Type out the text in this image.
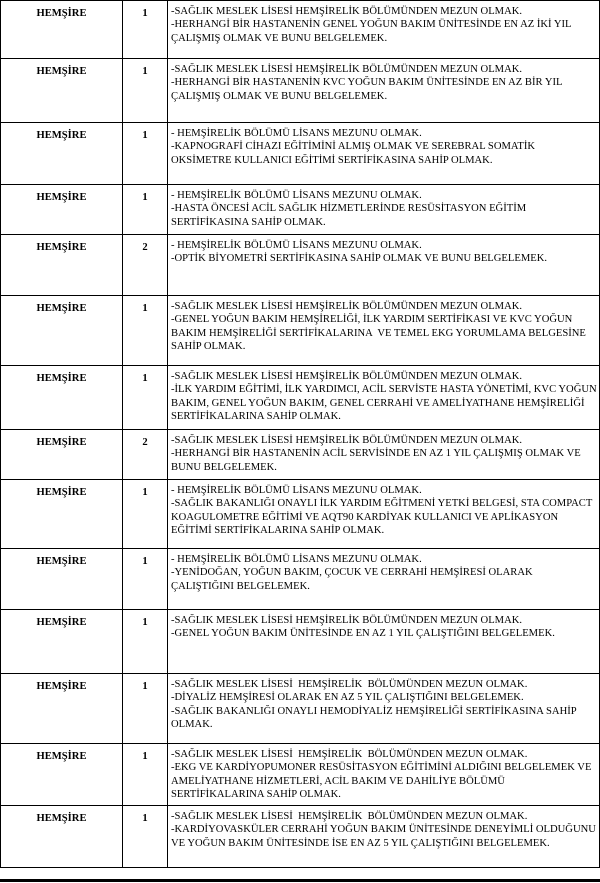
HEMŞİRE	1	-SAĞLIK MESLEK LİSESİ HEMŞİRELİK BÖLÜMÜNDEN MEZUN OLMAK.
-HERHANGİ BİR HASTANENİN GENEL YOĞUN BAKIM ÜNİTESİNDE EN AZ İKİ YIL ÇALIŞMIŞ OLMAK VE BUNU BELGELEMEK.

HEMŞİRE	1	-SAĞLIK MESLEK LİSESİ HEMŞİRELİK BÖLÜMÜNDEN MEZUN OLMAK.
-HERHANGİ BİR HASTANENİN KVC YOĞUN BAKIM ÜNİTESİNDE EN AZ BİR YIL ÇALIŞMIŞ OLMAK VE BUNU BELGELEMEK.

HEMŞİRE	1	- HEMŞİRELİK BÖLÜMÜ LİSANS MEZUNU OLMAK.
-KAPNOGRAFİ CİHAZI EĞİTİMİNİ ALMIŞ OLMAK VE SEREBRAL SOMATİK OKSİMETRE KULLANICI EĞİTİMİ SERTİFİKASINA SAHİP OLMAK.

HEMŞİRE	1	- HEMŞİRELİK BÖLÜMÜ LİSANS MEZUNU OLMAK.
-HASTA ÖNCESİ ACİL SAĞLIK HİZMETLERİNDE RESÜSİTASYON EĞİTİM SERTİFİKASINA SAHİP OLMAK.

HEMŞİRE	2	- HEMŞİRELİK BÖLÜMÜ LİSANS MEZUNU OLMAK.
-OPTİK BİYOMETRİ SERTİFİKASINA SAHİP OLMAK VE BUNU BELGELEMEK.

HEMŞİRE	1	-SAĞLIK MESLEK LİSESİ HEMŞİRELİK BÖLÜMÜNDEN MEZUN OLMAK.
-GENEL YOĞUN BAKIM HEMŞİRELİĞİ, İLK YARDIM SERTİFİKASI VE KVC YOĞUN BAKIM HEMŞİRELİĞİ SERTİFİKALARINA  VE TEMEL EKG YORUMLAMA BELGESİNE SAHİP OLMAK.

HEMŞİRE	1	-SAĞLIK MESLEK LİSESİ HEMŞİRELİK BÖLÜMÜNDEN MEZUN OLMAK.
-İLK YARDIM EĞİTİMİ, İLK YARDIMCI, ACİL SERVİSTE HASTA YÖNETİMİ, KVC YOĞUN BAKIM, GENEL YOĞUN BAKIM, GENEL CERRAHİ VE AMELİYATHANE HEMŞİRELİĞİ SERTİFİKALARINA SAHİP OLMAK.

HEMŞİRE	2	-SAĞLIK MESLEK LİSESİ HEMŞİRELİK BÖLÜMÜNDEN MEZUN OLMAK.
-HERHANGİ BİR HASTANENİN ACİL SERVİSİNDE EN AZ 1 YIL ÇALIŞMIŞ OLMAK VE BUNU BELGELEMEK.

HEMŞİRE	1	- HEMŞİRELİK BÖLÜMÜ LİSANS MEZUNU OLMAK.
-SAĞLIK BAKANLIĞI ONAYLI İLK YARDIM EĞİTMENİ YETKİ BELGESİ, STA COMPACT KOAGULOMETRE EĞİTİMİ VE AQT90 KARDİYAK KULLANICI VE APLİKASYON  EĞİTİMİ SERTİFİKALARINA SAHİP OLMAK.

HEMŞİRE	1	- HEMŞİRELİK BÖLÜMÜ LİSANS MEZUNU OLMAK.
-YENİDOĞAN, YOĞUN BAKIM, ÇOCUK VE CERRAHİ HEMŞİRESİ OLARAK ÇALIŞTIĞINI BELGELEMEK.

HEMŞİRE	1	-SAĞLIK MESLEK LİSESİ HEMŞİRELİK BÖLÜMÜNDEN MEZUN OLMAK.
-GENEL YOĞUN BAKIM ÜNİTESİNDE EN AZ 1 YIL ÇALIŞTIĞINI BELGELEMEK.

HEMŞİRE	1	-SAĞLIK MESLEK LİSESİ  HEMŞİRELİK  BÖLÜMÜNDEN MEZUN OLMAK.
-DİYALİZ HEMŞİRESİ OLARAK EN AZ 5 YIL ÇALIŞTIĞINI BELGELEMEK.
-SAĞLIK BAKANLIĞI ONAYLI HEMODİYALİZ HEMŞİRELİĞİ SERTİFİKASINA SAHİP OLMAK.

HEMŞİRE	1	-SAĞLIK MESLEK LİSESİ  HEMŞİRELİK  BÖLÜMÜNDEN MEZUN OLMAK.
-EKG VE KARDİYOPUMONER RESÜSİTASYON EĞİTİMİNİ ALDIĞINI BELGELEMEK VE AMELİYATHANE HİZMETLERİ, ACİL BAKIM VE DAHİLİYE BÖLÜMÜ SERTİFİKALARINA SAHİP OLMAK.

HEMŞİRE	1	-SAĞLIK MESLEK LİSESİ  HEMŞİRELİK  BÖLÜMÜNDEN MEZUN OLMAK.
-KARDİYOVASKÜLER CERRAHİ YOĞUN BAKIM ÜNİTESİNDE DENEYİMLİ OLDUĞUNU VE YOĞUN BAKIM ÜNİTESİNDE İSE EN AZ 5 YIL ÇALIŞTIĞINI BELGELEMEK.
